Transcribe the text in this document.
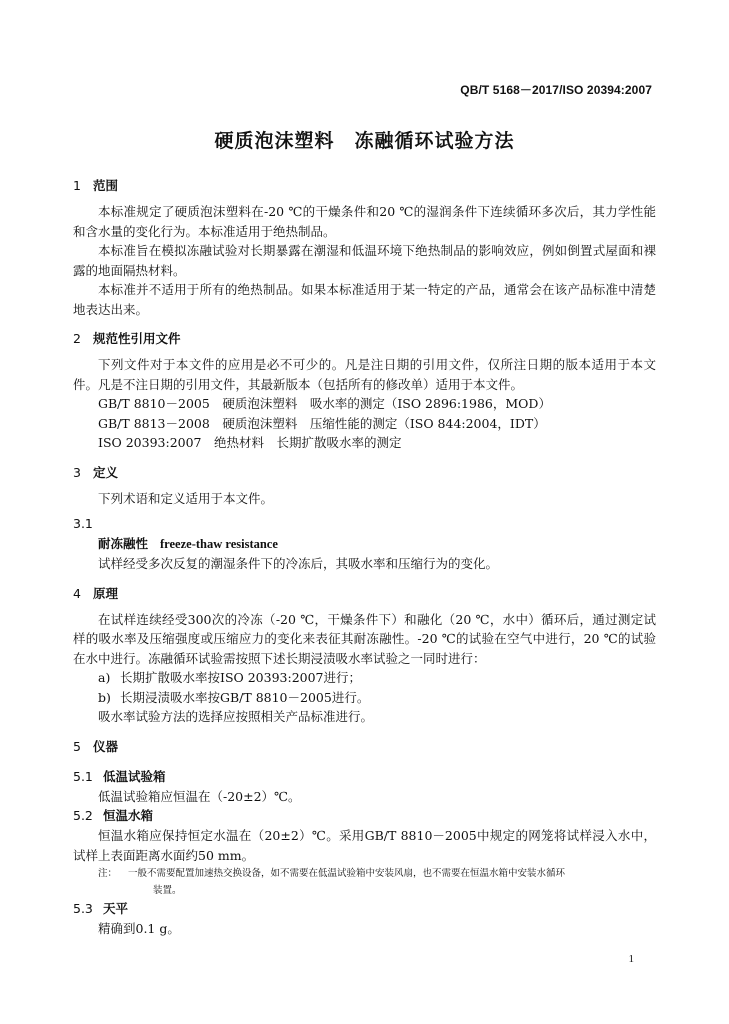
QB/T 5168－2017/ISO 20394:2007
硬质泡沫塑料　冻融循环试验方法
1 范围

本标准规定了硬质泡沫塑料在-20 ℃的干燥条件和20 ℃的湿润条件下连续循环多次后，其力学性能和含水量的变化行为。本标准适用于绝热制品。

本标准旨在模拟冻融试验对长期暴露在潮湿和低温环境下绝热制品的影响效应，例如倒置式屋面和裸露的地面隔热材料。

本标准并不适用于所有的绝热制品。如果本标准适用于某一特定的产品，通常会在该产品标准中清楚地表达出来。

2 规范性引用文件

下列文件对于本文件的应用是必不可少的。凡是注日期的引用文件，仅所注日期的版本适用于本文件。凡是不注日期的引用文件，其最新版本（包括所有的修改单）适用于本文件。

GB/T 8810－2005　硬质泡沫塑料　吸水率的测定（ISO 2896:1986，MOD）

GB/T 8813－2008　硬质泡沫塑料　压缩性能的测定（ISO 844:2004，IDT）

ISO 20393:2007　绝热材料　长期扩散吸水率的测定

3 定义

下列术语和定义适用于本文件。

3.1
耐冻融性 freeze-thaw resistance

试样经受多次反复的潮湿条件下的冷冻后，其吸水率和压缩行为的变化。

4 原理

在试样连续经受300次的冷冻（-20 ℃，干燥条件下）和融化（20 ℃，水中）循环后，通过测定试样的吸水率及压缩强度或压缩应力的变化来表征其耐冻融性。-20 ℃的试验在空气中进行，20 ℃的试验在水中进行。冻融循环试验需按照下述长期浸渍吸水率试验之一同时进行：

a) 长期扩散吸水率按ISO 20393:2007进行；
b) 长期浸渍吸水率按GB/T 8810－2005进行。

吸水率试验方法的选择应按照相关产品标准进行。

5 仪器
5.1 低温试验箱

低温试验箱应恒温在（-20±2）℃。

5.2 恒温水箱

恒温水箱应保持恒定水温在（20±2）℃。采用GB/T 8810－2005中规定的网笼将试样浸入水中，试样上表面距离水面约50 mm。

注： 一般不需要配置加速热交换设备，如不需要在低温试验箱中安装风扇，也不需要在恒温水箱中安装水循环
装置。
5.3 天平

精确到0.1 g。

1
